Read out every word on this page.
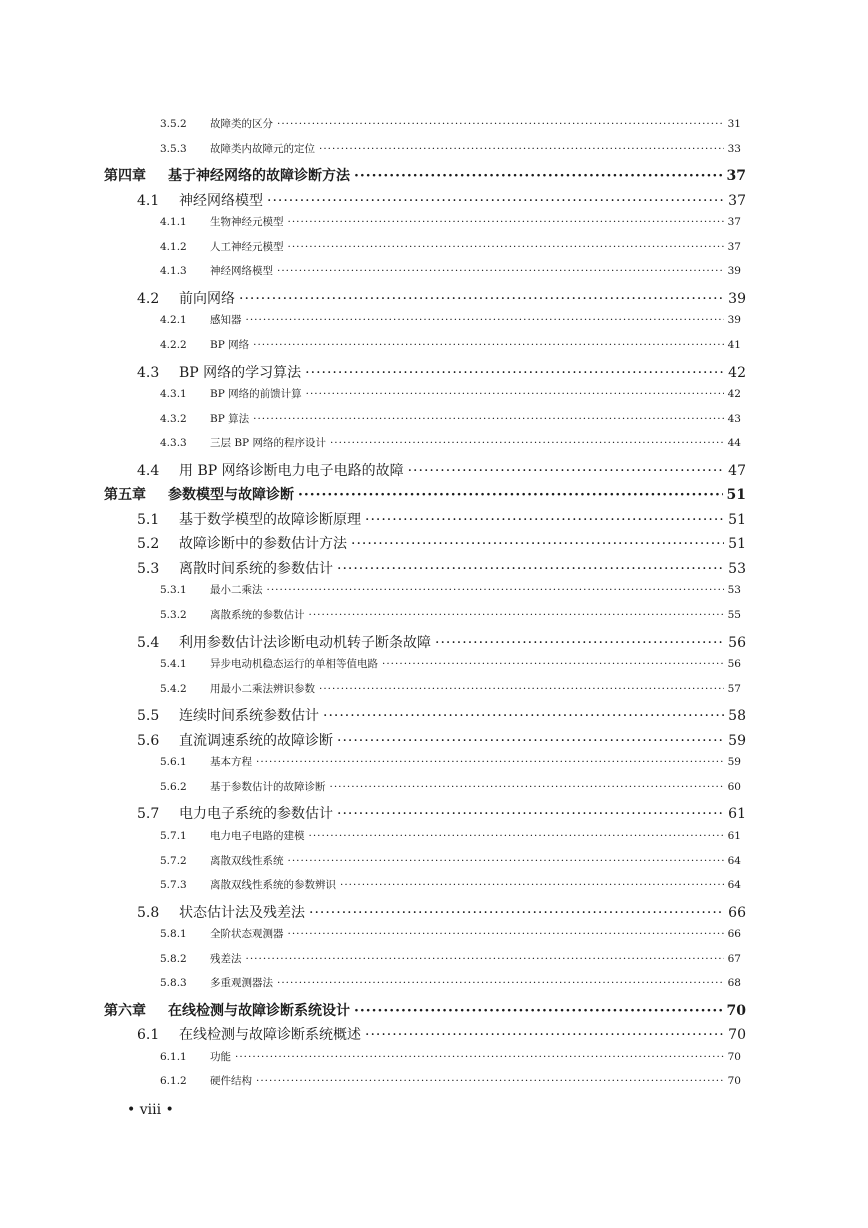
3.5.2	故障类的区分 ·····	31
3.5.3	故障类内故障元的定位 ·····	33
第四章	基于神经网络的故障诊断方法 ·····	37
4.1	神经网络模型 ·····	37
4.1.1	生物神经元模型 ·····	37
4.1.2	人工神经元模型 ·····	37
4.1.3	神经网络模型 ·····	39
4.2	前向网络 ·····	39
4.2.1	感知器 ·····	39
4.2.2	BP 网络 ·····	41
4.3	BP 网络的学习算法 ·····	42
4.3.1	BP 网络的前馈计算 ·····	42
4.3.2	BP 算法 ·····	43
4.3.3	三层 BP 网络的程序设计 ·····	44
4.4	用 BP 网络诊断电力电子电路的故障 ·····	47
第五章	参数模型与故障诊断 ·····	51
5.1	基于数学模型的故障诊断原理 ·····	51
5.2	故障诊断中的参数估计方法 ·····	51
5.3	离散时间系统的参数估计 ·····	53
5.3.1	最小二乘法 ·····	53
5.3.2	离散系统的参数估计 ·····	55
5.4	利用参数估计法诊断电动机转子断条故障 ·····	56
5.4.1	异步电动机稳态运行的单相等值电路 ·····	56
5.4.2	用最小二乘法辨识参数 ·····	57
5.5	连续时间系统参数估计 ·····	58
5.6	直流调速系统的故障诊断 ·····	59
5.6.1	基本方程 ·····	59
5.6.2	基于参数估计的故障诊断 ·····	60
5.7	电力电子系统的参数估计 ·····	61
5.7.1	电力电子电路的建模 ·····	61
5.7.2	离散双线性系统 ·····	64
5.7.3	离散双线性系统的参数辨识 ·····	64
5.8	状态估计法及残差法 ·····	66
5.8.1	全阶状态观测器 ·····	66
5.8.2	残差法 ·····	67
5.8.3	多重观测器法 ·····	68
第六章	在线检测与故障诊断系统设计 ·····	70
6.1	在线检测与故障诊断系统概述 ·····	70
6.1.1	功能 ·····	70
6.1.2	硬件结构 ·····	70
• viii •
